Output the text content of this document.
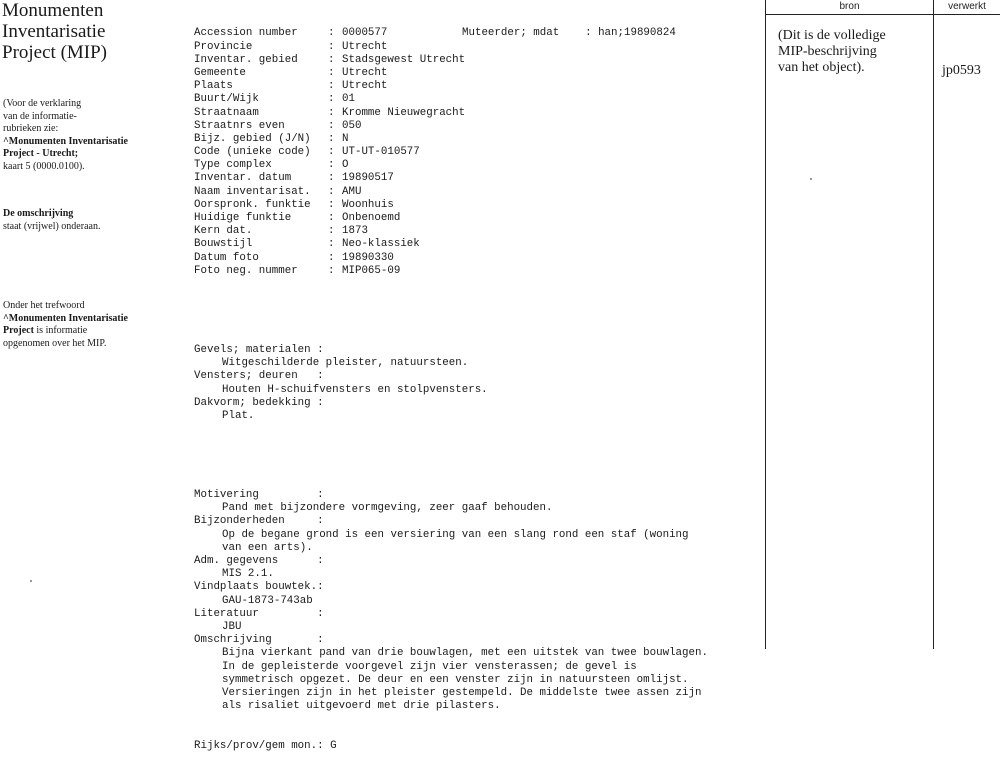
Monumenten

Inventarisatie

Project (MIP)

(Voor de verklaring
van de informatie-
rubrieken zie:
^Monumenten Inventarisatie
Project - Utrecht;
kaart 5 (0000.0100).
De omschrijving
staat (vrijwel) onderaan.
Onder het trefwoord
^Monumenten Inventarisatie
Project is informatie
opgenomen over het MIP.

Accession number	: 0000577	Muteerder; mdat    : han;19890824
Provincie	: Utrecht
Inventar. gebied	: Stadsgewest Utrecht
Gemeente	: Utrecht
Plaats	: Utrecht
Buurt/Wijk	: 01
Straatnaam	: Kromme Nieuwegracht
Straatnrs even	: 050
Bijz. gebied (J/N)	: N
Code (unieke code)	: UT-UT-010577
Type complex	: O
Inventar. datum	: 19890517
Naam inventarisat.	: AMU
Oorspronk. funktie	: Woonhuis
Huidige funktie	: Onbenoemd
Kern dat.	: 1873
Bouwstijl	: Neo-klassiek
Datum foto	: 19890330
Foto neg. nummer	: MIP065-09

Gevels; materialen :
Witgeschilderde pleister, natuursteen.
Vensters; deuren   :
Houten H-schuifvensters en stolpvensters.
Dakvorm; bedekking :
Plat.

Motivering         :
Pand met bijzondere vormgeving, zeer gaaf behouden.
Bijzonderheden     :
Op de begane grond is een versiering van een slang rond een staf (woning
van een arts).
Adm. gegevens      :
MIS 2.1.
Vindplaats bouwtek.:
GAU-1873-743ab
Literatuur         :
JBU
Omschrijving       :
Bijna vierkant pand van drie bouwlagen, met een uitstek van twee bouwlagen.
In de gepleisterde voorgevel zijn vier vensterassen; de gevel is
symmetrisch opgezet. De deur en een venster zijn in natuursteen omlijst.
Versieringen zijn in het pleister gestempeld. De middelste twee assen zijn
als risaliet uitgevoerd met drie pilasters.

Rijks/prov/gem mon.: G

bron	verwerkt
(Dit is de volledige
MIP-beschrijving
van het object).	jp0593
